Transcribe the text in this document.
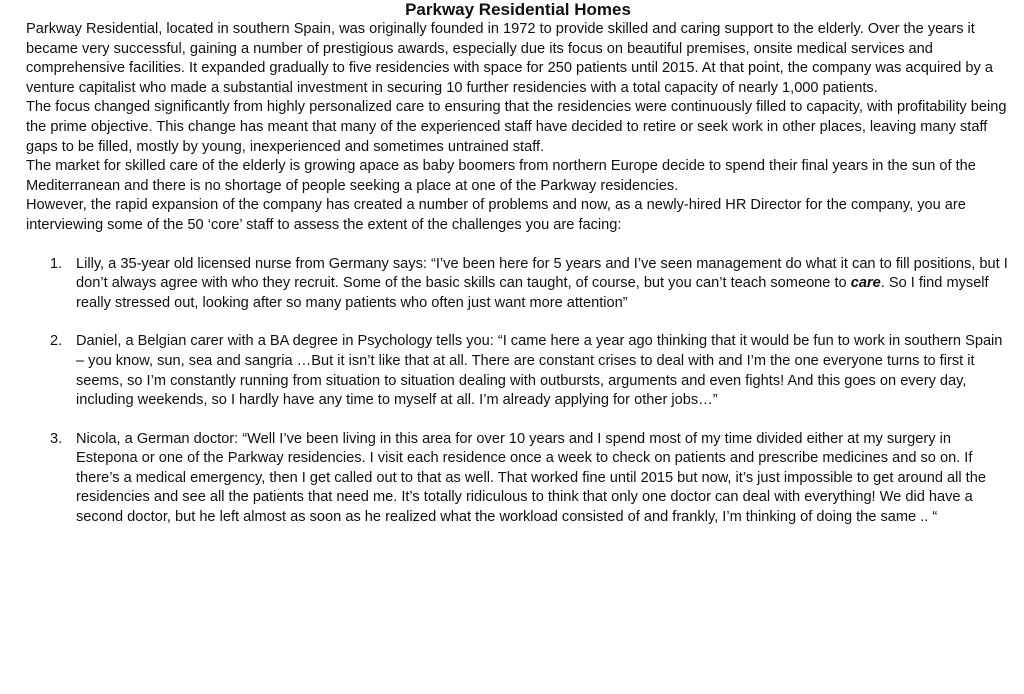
Parkway Residential Homes

Parkway Residential, located in southern Spain, was originally founded in 1972 to provide skilled and caring support to the elderly. Over the years it became very successful, gaining a number of prestigious awards, especially due its focus on beautiful premises, onsite medical services and comprehensive facilities. It expanded gradually to five residencies with space for 250 patients until 2015. At that point, the company was acquired by a venture capitalist who made a substantial investment in securing 10 further residencies with a total capacity of nearly 1,000 patients.

The focus changed significantly from highly personalized care to ensuring that the residencies were continuously filled to capacity, with profitability being the prime objective. This change has meant that many of the experienced staff have decided to retire or seek work in other places, leaving many staff gaps to be filled, mostly by young, inexperienced and sometimes untrained staff.

The market for skilled care of the elderly is growing apace as baby boomers from northern Europe decide to spend their final years in the sun of the Mediterranean and there is no shortage of people seeking a place at one of the Parkway residencies.

However, the rapid expansion of the company has created a number of problems and now, as a newly-hired HR Director for the company, you are interviewing some of the 50 ‘core’ staff to assess the extent of the challenges you are facing:

1. Lilly, a 35-year old licensed nurse from Germany says: “I’ve been here for 5 years and I’ve seen management do what it can to fill positions, but I don’t always agree with who they recruit. Some of the basic skills can taught, of course, but you can’t teach someone to care. So I find myself really stressed out, looking after so many patients who often just want more attention”
2. Daniel, a Belgian carer with a BA degree in Psychology tells you: “I came here a year ago thinking that it would be fun to work in southern Spain – you know, sun, sea and sangria …But it isn’t like that at all. There are constant crises to deal with and I’m the one everyone turns to first it seems, so I’m constantly running from situation to situation dealing with outbursts, arguments and even fights! And this goes on every day, including weekends, so I hardly have any time to myself at all. I’m already applying for other jobs…”
3. Nicola, a German doctor: “Well I’ve been living in this area for over 10 years and I spend most of my time divided either at my surgery in Estepona or one of the Parkway residencies. I visit each residence once a week to check on patients and prescribe medicines and so on. If there’s a medical emergency, then I get called out to that as well. That worked fine until 2015 but now, it’s just impossible to get around all the residencies and see all the patients that need me. It’s totally ridiculous to think that only one doctor can deal with everything! We did have a second doctor, but he left almost as soon as he realized what the workload consisted of and frankly, I’m thinking of doing the same .. “
